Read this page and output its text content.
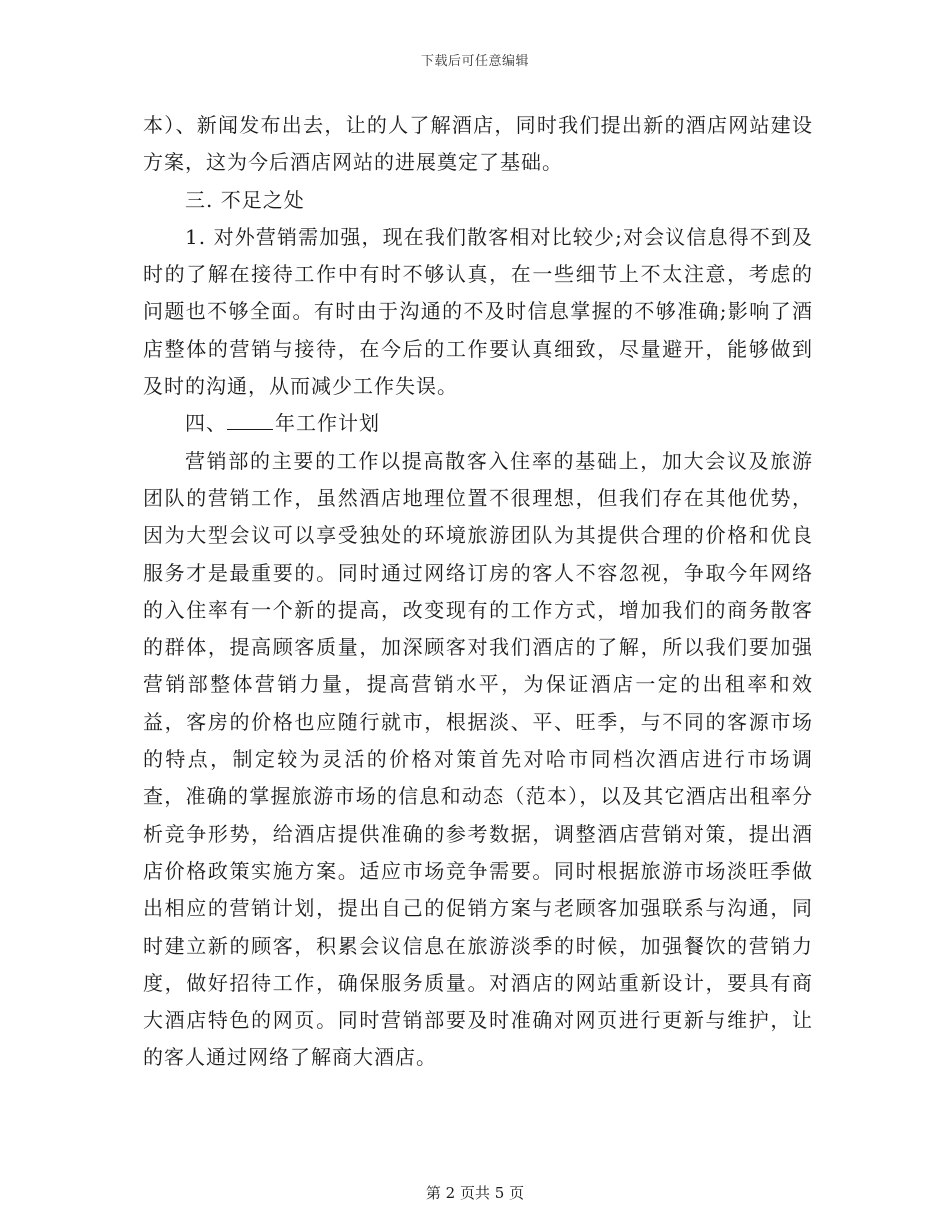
下载后可任意编辑

本）、新闻发布出去，让的人了解酒店，同时我们提出新的酒店网站建设方案，这为今后酒店网站的进展奠定了基础。

三. 不足之处

1. 对外营销需加强，现在我们散客相对比较少;对会议信息得不到及时的了解在接待工作中有时不够认真，在一些细节上不太注意，考虑的问题也不够全面。有时由于沟通的不及时信息掌握的不够准确;影响了酒店整体的营销与接待，在今后的工作要认真细致，尽量避开，能够做到及时的沟通，从而减少工作失误。

四、 年工作计划

营销部的主要的工作以提高散客入住率的基础上，加大会议及旅游团队的营销工作，虽然酒店地理位置不很理想，但我们存在其他优势，因为大型会议可以享受独处的环境旅游团队为其提供合理的价格和优良服务才是最重要的。同时通过网络订房的客人不容忽视，争取今年网络的入住率有一个新的提高，改变现有的工作方式，增加我们的商务散客的群体，提高顾客质量，加深顾客对我们酒店的了解，所以我们要加强营销部整体营销力量，提高营销水平，为保证酒店一定的出租率和效益，客房的价格也应随行就市，根据淡、平、旺季，与不同的客源市场的特点，制定较为灵活的价格对策首先对哈市同档次酒店进行市场调查，准确的掌握旅游市场的信息和动态（范本），以及其它酒店出租率分析竞争形势，给酒店提供准确的参考数据，调整酒店营销对策，提出酒店价格政策实施方案。适应市场竞争需要。同时根据旅游市场淡旺季做出相应的营销计划，提出自己的促销方案与老顾客加强联系与沟通，同时建立新的顾客，积累会议信息在旅游淡季的时候，加强餐饮的营销力度，做好招待工作，确保服务质量。对酒店的网站重新设计，要具有商大酒店特色的网页。同时营销部要及时准确对网页进行更新与维护，让的客人通过网络了解商大酒店。

第 2 页共 5 页
